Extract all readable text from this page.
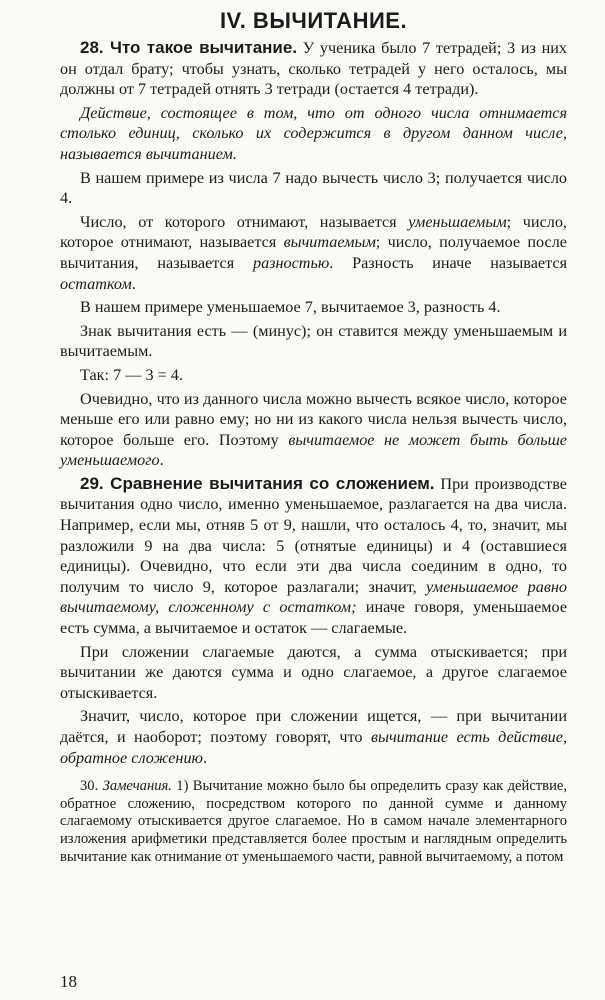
IV. ВЫЧИТАНИЕ.

28. Что такое вычитание. У ученика было 7 тетрадей; 3 из них он отдал брату; чтобы узнать, сколько тетрадей у него осталось, мы должны от 7 тетрадей отнять 3 тетради (остается 4 тетради).

Действие, состоящее в том, что от одного числа отнимается столько единиц, сколько их содержится в другом данном числе, называется вычитанием.

В нашем примере из числа 7 надо вычесть число 3; получается число 4.

Число, от которого отнимают, называется уменьшаемым; число, которое отнимают, называется вычитаемым; число, получаемое после вычитания, называется разностью. Разность иначе называется остатком.

В нашем примере уменьшаемое 7, вычитаемое 3, разность 4.

Знак вычитания есть — (минус); он ставится между уменьшаемым и вычитаемым.

Так: 7 — 3 = 4.

Очевидно, что из данного числа можно вычесть всякое число, которое меньше его или равно ему; но ни из какого числа нельзя вычесть число, которое больше его. Поэтому вычитаемое не может быть больше уменьшаемого.

29. Сравнение вычитания со сложением. При производстве вычитания одно число, именно уменьшаемое, разлагается на два числа. Например, если мы, отняв 5 от 9, нашли, что осталось 4, то, значит, мы разложили 9 на два числа: 5 (отнятые единицы) и 4 (оставшиеся единицы). Очевидно, что если эти два числа соединим в одно, то получим то число 9, которое разлагали; значит, уменьшаемое равно вычитаемому, сложенному с остатком; иначе говоря, уменьшаемое есть сумма, а вычитаемое и остаток — слагаемые.

При сложении слагаемые даются, а сумма отыскивается; при вычитании же даются сумма и одно слагаемое, а другое слагаемое отыскивается.

Значит, число, которое при сложении ищется, — при вычитании даётся, и наоборот; поэтому говорят, что вычитание есть действие, обратное сложению.

30. Замечания. 1) Вычитание можно было бы определить сразу как действие, обратное сложению, посредством которого по данной сумме и данному слагаемому отыскивается другое слагаемое. Но в самом начале элементарного изложения арифметики представляется более простым и наглядным определить вычитание как отнимание от уменьшаемого части, равной вычитаемому, а потом

18
